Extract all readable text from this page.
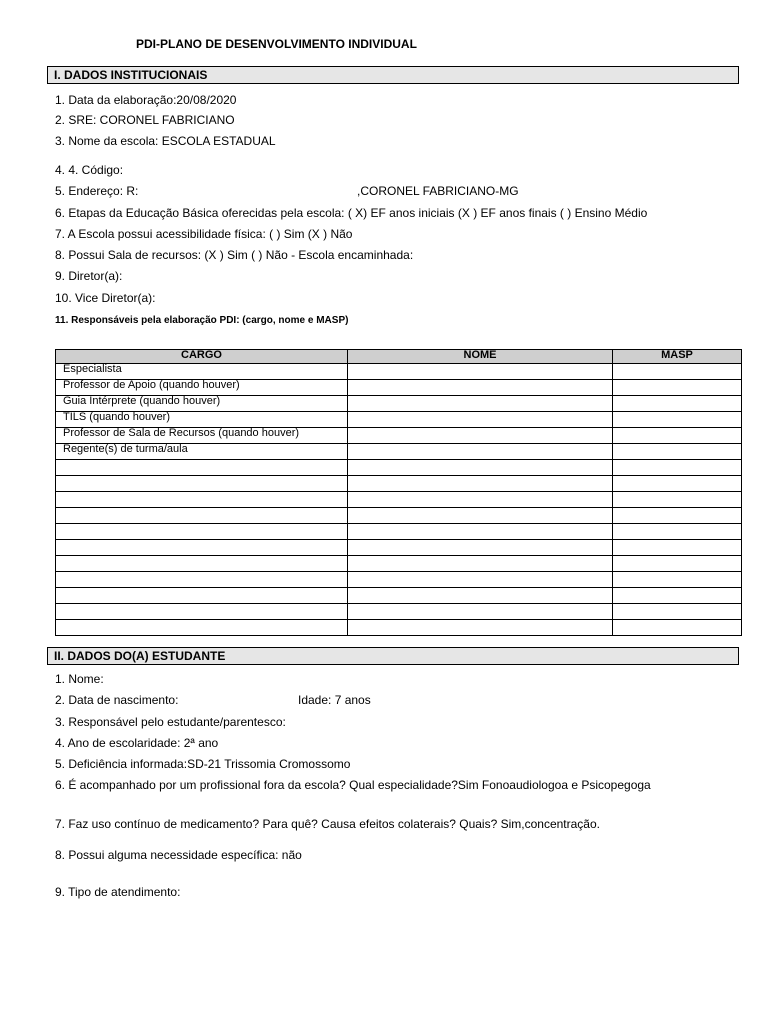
PDI-PLANO DE DESENVOLVIMENTO INDIVIDUAL
I. DADOS INSTITUCIONAIS
1. Data da elaboração:20/08/2020
2. SRE: CORONEL FABRICIANO
3. Nome da escola: ESCOLA ESTADUAL
4. 4. Código:
5. Endereço: R:	,CORONEL FABRICIANO-MG
6. Etapas da Educação Básica oferecidas pela escola: ( X) EF anos iniciais (X ) EF anos finais ( ) Ensino Médio
7. A Escola possui acessibilidade física: ( ) Sim (X ) Não
8. Possui Sala de recursos: (X ) Sim ( ) Não - Escola encaminhada:
9. Diretor(a):
10. Vice Diretor(a):
11. Responsáveis pela elaboração PDI: (cargo, nome e MASP)
CARGO	NOME	MASP
Especialista		
Professor de Apoio (quando houver)		
Guia Intérprete (quando houver)		
TILS (quando houver)		
Professor de Sala de Recursos (quando houver)		
Regente(s) de turma/aula		

II. DADOS DO(A) ESTUDANTE
1. Nome:
2. Data de nascimento:	Idade: 7 anos
3. Responsável pelo estudante/parentesco:
4. Ano de escolaridade: 2ª ano
5. Deficiência informada:SD-21 Trissomia Cromossomo
6. É acompanhado por um profissional fora da escola? Qual especialidade?Sim Fonoaudiologoa e Psicopegoga
7. Faz uso contínuo de medicamento? Para quê? Causa efeitos colaterais? Quais? Sim,concentração.
8. Possui alguma necessidade específica: não
9. Tipo de atendimento:
